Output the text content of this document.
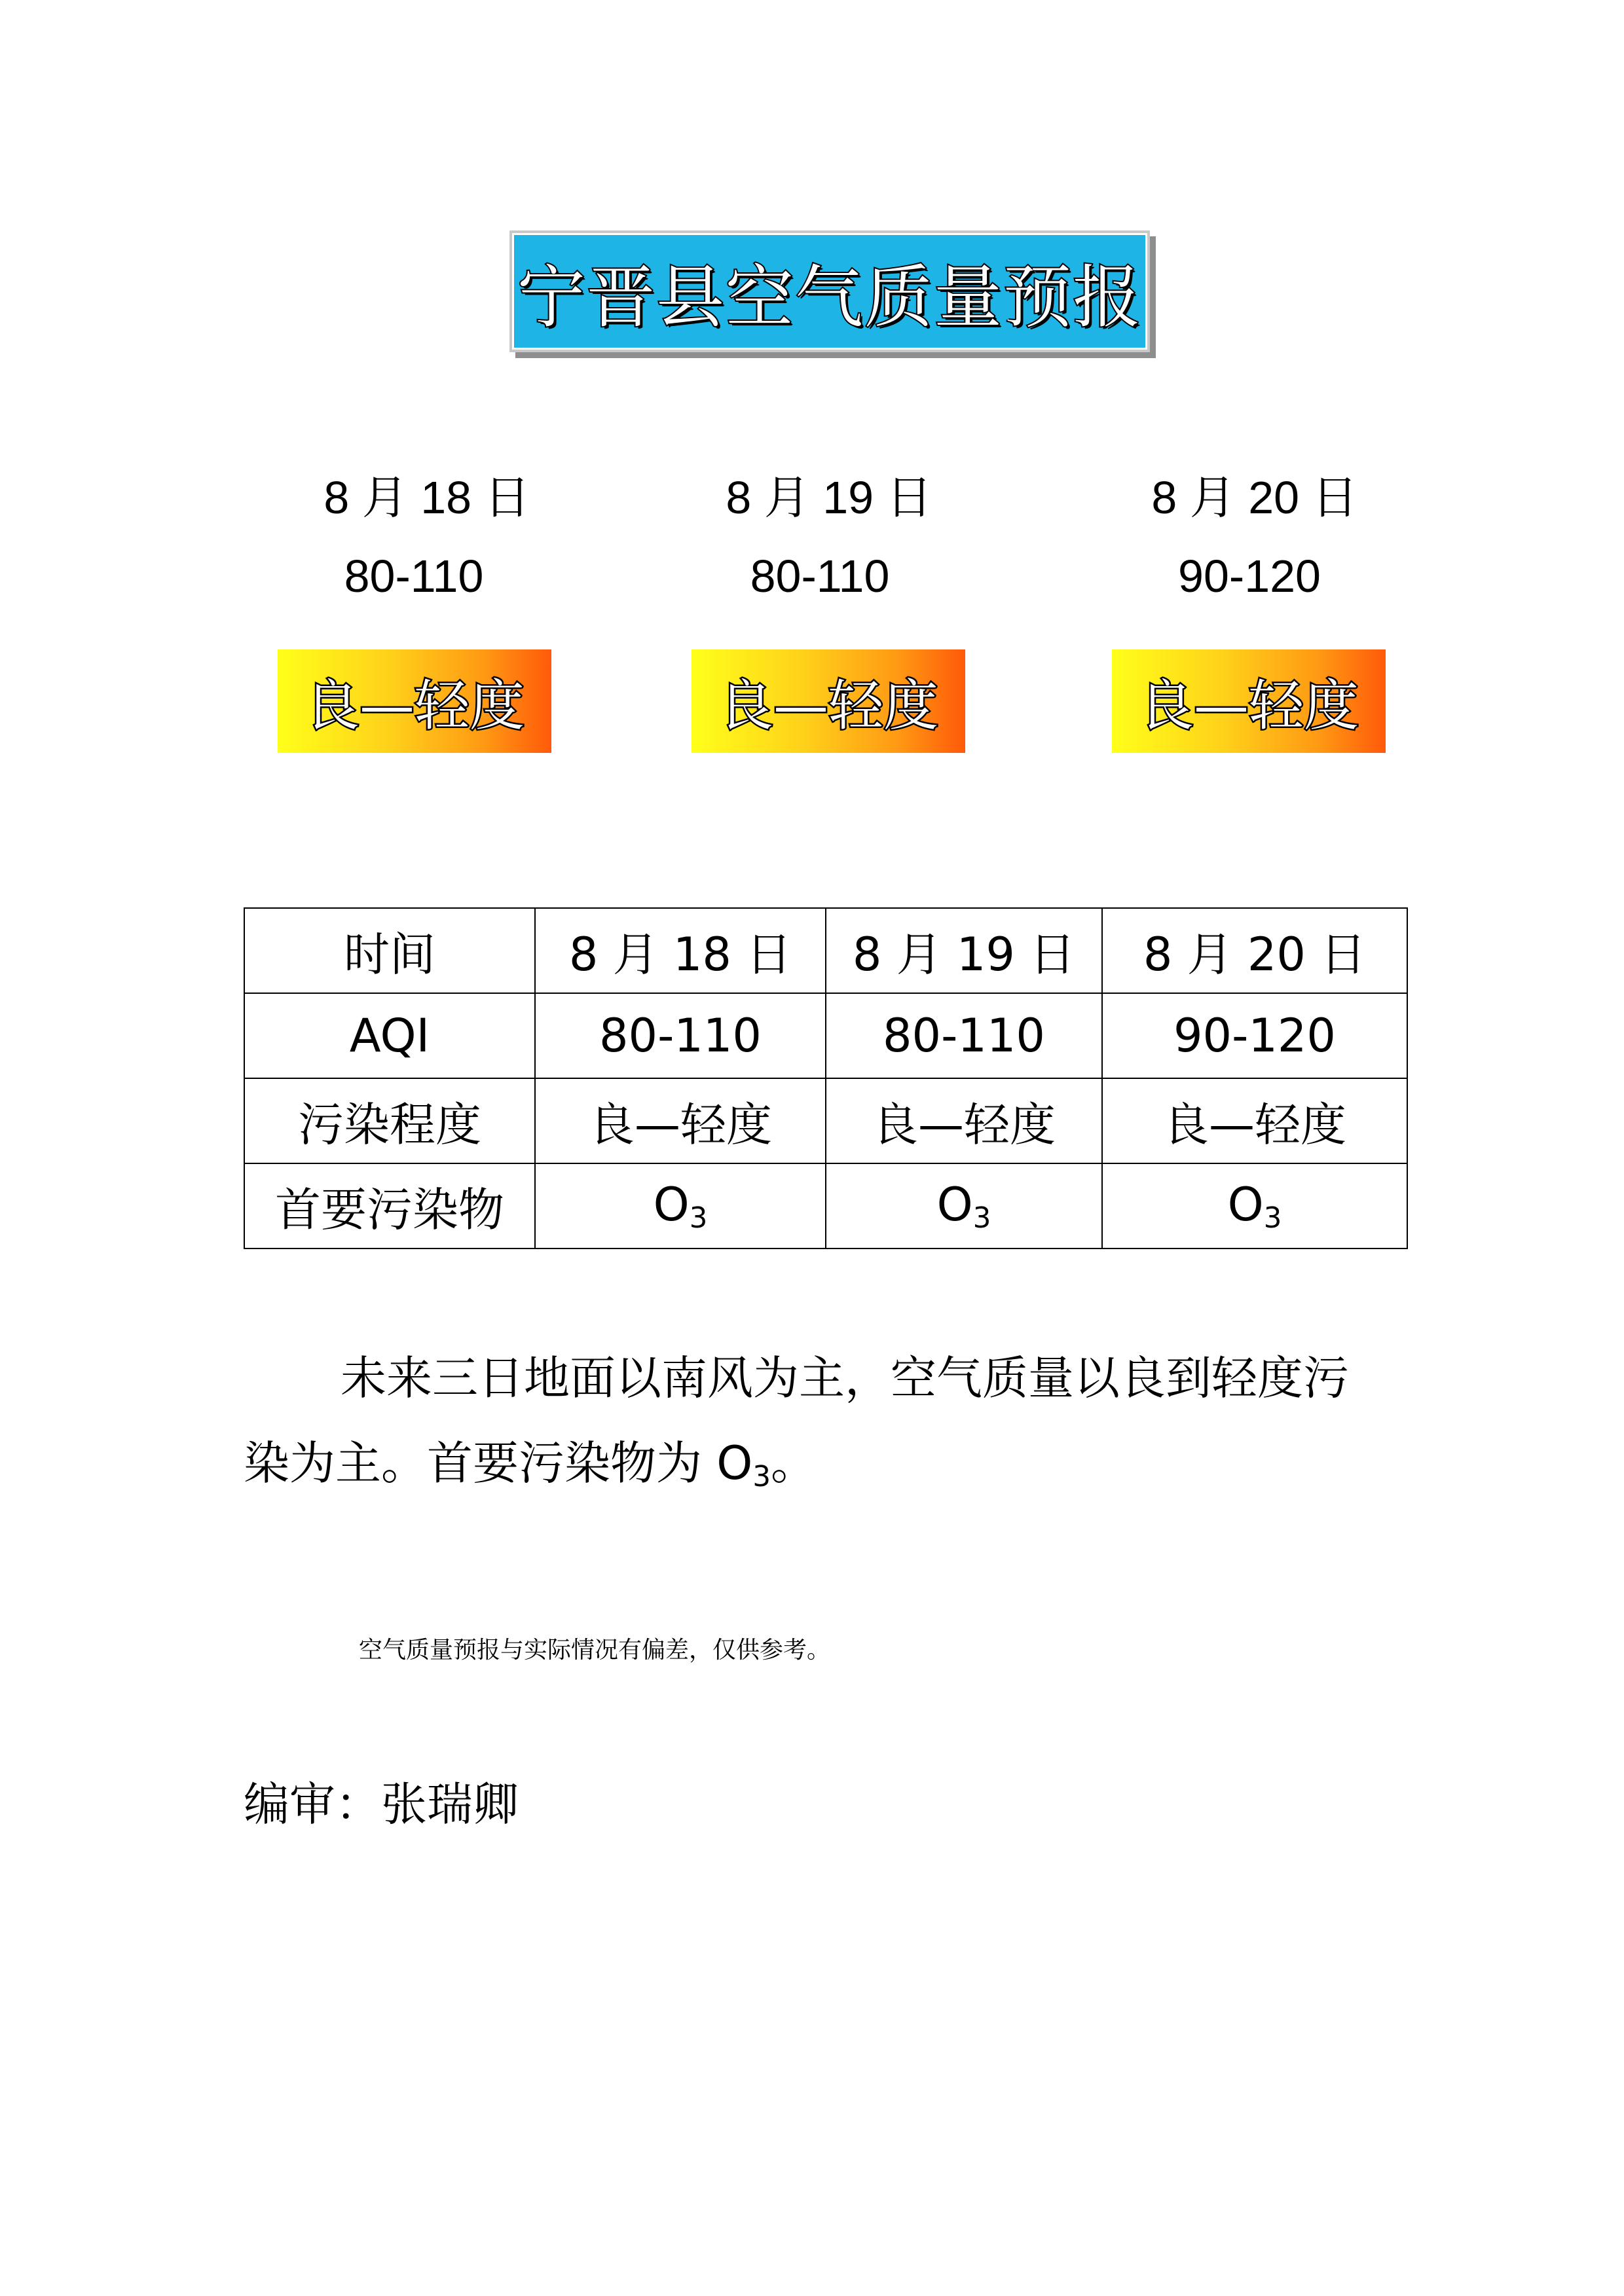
宁晋县空气质量预报
8 月 18 日
80-110
良—轻度
8 月 19 日
80-110
良—轻度
8 月 20 日
90-120
良—轻度
时间	8 月 18 日	8 月 19 日	8 月 20 日
AQI	80-110	80-110	90-120
污染程度	良—轻度	良—轻度	良—轻度
首要污染物	$O_3$	$O_3$	$O_3$
未来三日地面以南风为主，空气质量以良到轻度污染为主。首要污染物为 $O_3$。
空气质量预报与实际情况有偏差，仅供参考。
编审：张瑞卿
